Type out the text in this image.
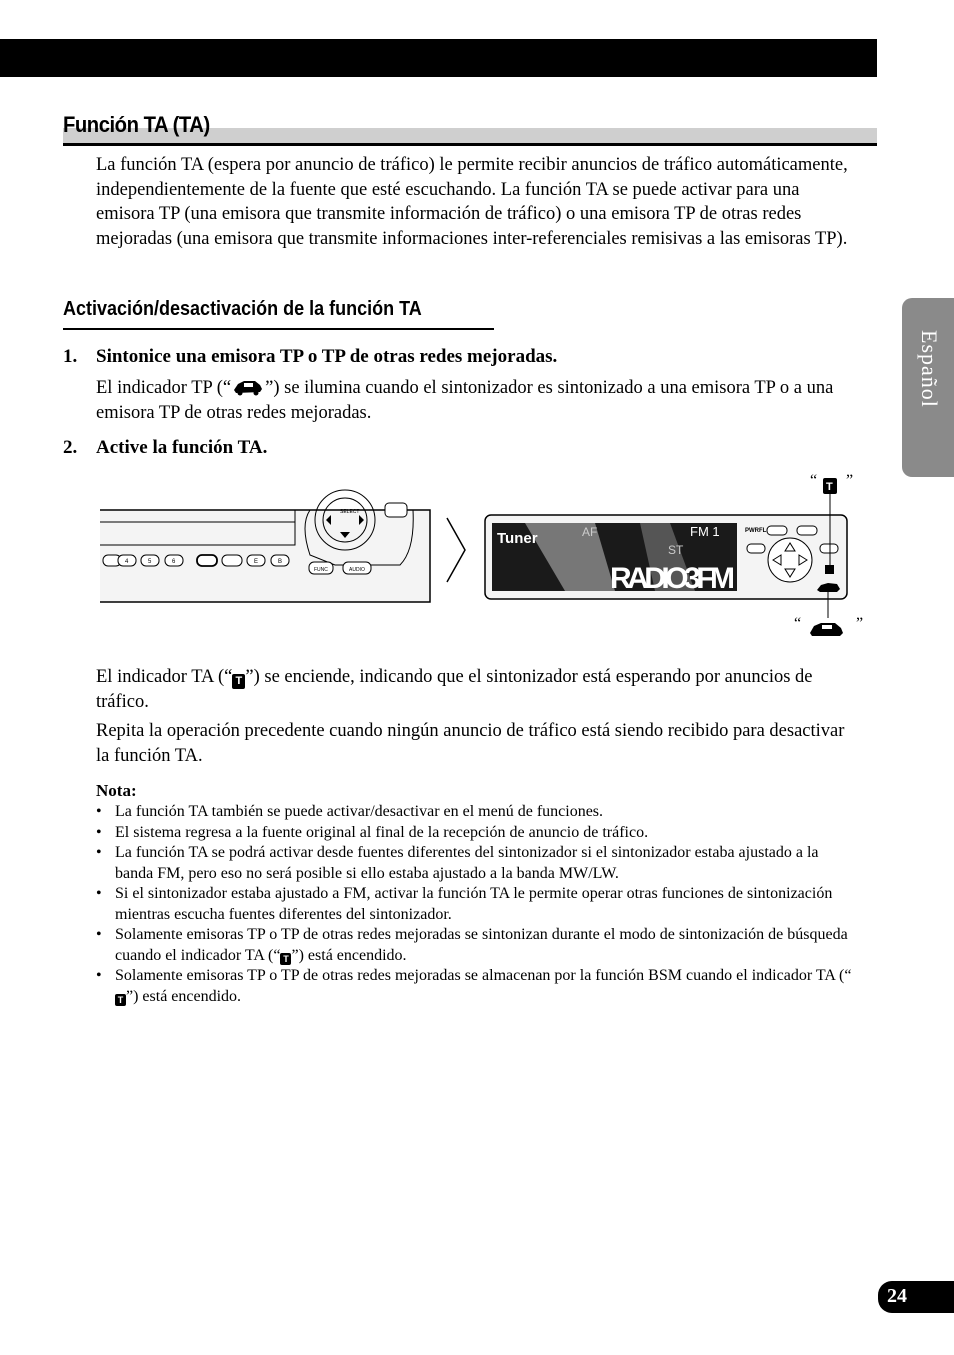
Función TA (TA)
La función TA (espera por anuncio de tráfico) le permite recibir anuncios de tráfico automáticamente, independientemente de la fuente que esté escuchando. La función TA se puede activar para una emisora TP (una emisora que transmite información de tráfico) o una emisora TP de otras redes mejoradas (una emisora que transmite informaciones inter-referenciales remisivas a las emisoras TP).
Activación/desactivación de la función TA
1. Sintonice una emisora TP o TP de otras redes mejoradas.
El indicador TP (“ ”) se ilumina cuando el sintonizador es sintonizado a una emisora TP o a una emisora TP de otras redes mejoradas.
2. Active la función TA.
SELECT
4	5	6	E	B
FUNC	AUDIO
Tuner	AF	FM 1
ST
RADIO3FM
PWRFL
T
“ ”
“	”
El indicador TA (“ T ”) se enciende, indicando que el sintonizador está esperando por anuncios de tráfico.
Repita la operación precedente cuando ningún anuncio de tráfico está siendo recibido para desactivar la función TA.
Nota:
• La función TA también se puede activar/desactivar en el menú de funciones.
• El sistema regresa a la fuente original al final de la recepción de anuncio de tráfico.
• La función TA se podrá activar desde fuentes diferentes del sintonizador si el sintonizador estaba ajustado a la banda FM, pero eso no será posible si ello estaba ajustado a la banda MW/LW.
• Si el sintonizador estaba ajustado a FM, activar la función TA le permite operar otras funciones de sintonización mientras escucha fuentes diferentes del sintonizador.
• Solamente emisoras TP o TP de otras redes mejoradas se sintonizan durante el modo de sintonización de búsqueda cuando el indicador TA (“ T ”) está encendido.
• Solamente emisoras TP o TP de otras redes mejoradas se almacenan por la función BSM cuando el indicador TA (“T ”) está encendido.
Español
24
